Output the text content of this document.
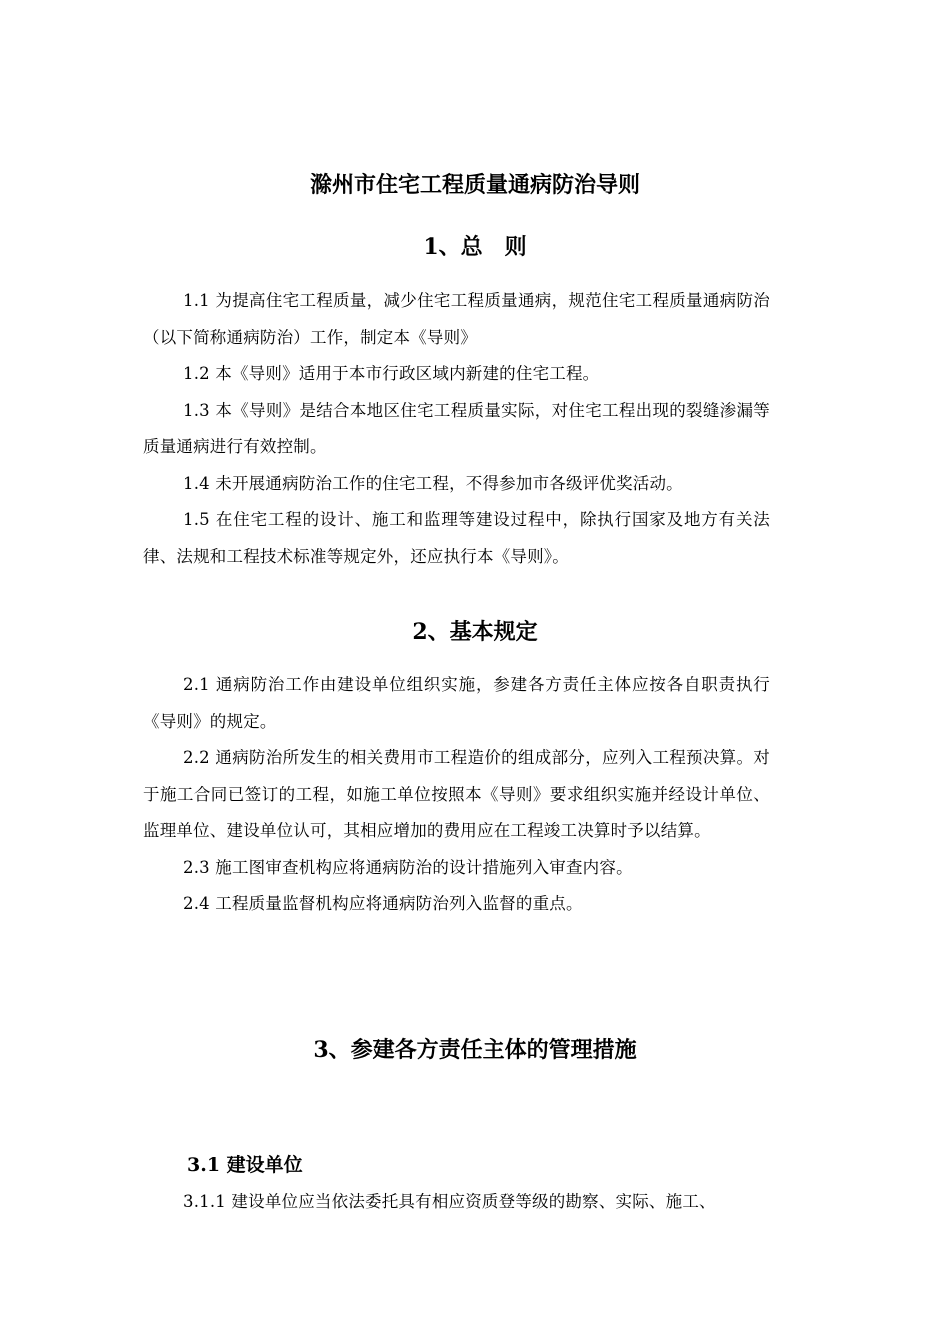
滁州市住宅工程质量通病防治导则
1、总　则

1.1 为提高住宅工程质量，减少住宅工程质量通病，规范住宅工程质量通病防治（以下简称通病防治）工作，制定本《导则》

1.2 本《导则》适用于本市行政区域内新建的住宅工程。

1.3 本《导则》是结合本地区住宅工程质量实际，对住宅工程出现的裂缝渗漏等质量通病进行有效控制。

1.4 未开展通病防治工作的住宅工程，不得参加市各级评优奖活动。

1.5 在住宅工程的设计、施工和监理等建设过程中，除执行国家及地方有关法律、法规和工程技术标准等规定外，还应执行本《导则》。

2、基本规定

2.1 通病防治工作由建设单位组织实施，参建各方责任主体应按各自职责执行《导则》的规定。

2.2 通病防治所发生的相关费用市工程造价的组成部分，应列入工程预决算。对于施工合同已签订的工程，如施工单位按照本《导则》要求组织实施并经设计单位、监理单位、建设单位认可，其相应增加的费用应在工程竣工决算时予以结算。

2.3 施工图审查机构应将通病防治的设计措施列入审查内容。

2.4 工程质量监督机构应将通病防治列入监督的重点。

3、参建各方责任主体的管理措施
3.1 建设单位

3.1.1 建设单位应当依法委托具有相应资质登等级的勘察、实际、施工、
